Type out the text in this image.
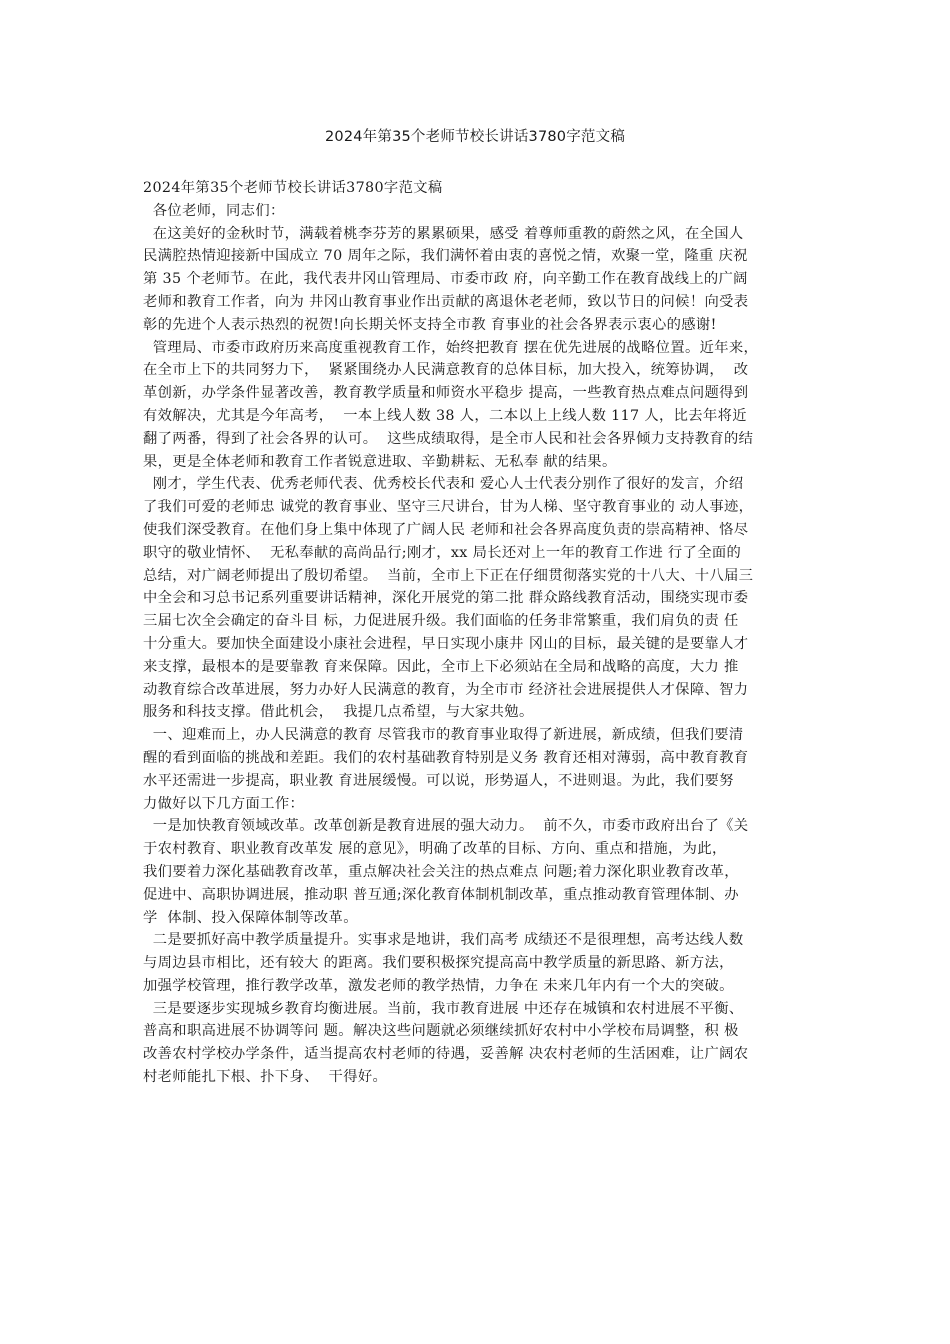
2024年第35个老师节校长讲话3780字范文稿
2024年第35个老师节校长讲话3780字范文稿
各位老师，同志们：
在这美好的金秋时节，满载着桃李芬芳的累累硕果，感受 着尊师重教的蔚然之风，在全国人
民满腔热情迎接新中国成立 70 周年之际，我们满怀着由衷的喜悦之情，欢聚一堂，隆重 庆祝
第 35 个老师节。在此，我代表井冈山管理局、市委市政 府，向辛勤工作在教育战线上的广阔
老师和教育工作者，向为 井冈山教育事业作出贡献的离退休老老师，致以节日的问候！向受表
彰的先进个人表示热烈的祝贺!向长期关怀支持全市教 育事业的社会各界表示衷心的感谢!
管理局、市委市政府历来高度重视教育工作，始终把教育 摆在优先进展的战略位置。近年来，
在全市上下的共同努力下，  紧紧围绕办人民满意教育的总体目标，加大投入，统筹协调，  改
革创新，办学条件显著改善，教育教学质量和师资水平稳步 提高，一些教育热点难点问题得到
有效解决，尤其是今年高考，  一本上线人数 38 人，二本以上上线人数 117 人，比去年将近
翻了两番，得到了社会各界的认可。  这些成绩取得，是全市人民和社会各界倾力支持教育的结
果，更是全体老师和教育工作者锐意进取、辛勤耕耘、无私奉 献的结果。
刚才，学生代表、优秀老师代表、优秀校长代表和 爱心人士代表分别作了很好的发言，介绍
了我们可爱的老师忠 诚党的教育事业、坚守三尺讲台，甘为人梯、坚守教育事业的 动人事迹，
使我们深受教育。在他们身上集中体现了广阔人民 老师和社会各界高度负责的崇高精神、恪尽
职守的敬业情怀、  无私奉献的高尚品行;刚才，xx 局长还对上一年的教育工作进 行了全面的
总结，对广阔老师提出了殷切希望。  当前，全市上下正在仔细贯彻落实党的十八大、十八届三
中全会和习总书记系列重要讲话精神，深化开展党的第二批 群众路线教育活动，围绕实现市委
三届七次全会确定的奋斗目 标，力促进展升级。我们面临的任务非常繁重，我们肩负的责 任
十分重大。要加快全面建设小康社会进程，早日实现小康井 冈山的目标，最关键的是要靠人才
来支撑，最根本的是要靠教 育来保障。因此，全市上下必须站在全局和战略的高度，大力 推
动教育综合改革进展，努力办好人民满意的教育，为全市市 经济社会进展提供人才保障、智力
服务和科技支撑。借此机会，  我提几点希望，与大家共勉。
一、迎难而上，办人民满意的教育 尽管我市的教育事业取得了新进展，新成绩，但我们要清
醒的看到面临的挑战和差距。我们的农村基础教育特别是义务 教育还相对薄弱，高中教育教育
水平还需进一步提高，职业教 育进展缓慢。可以说，形势逼人，不进则退。为此，我们要努
力做好以下几方面工作：
一是加快教育领域改革。改革创新是教育进展的强大动力。  前不久，市委市政府出台了《关
于农村教育、职业教育改革发 展的意见》，明确了改革的目标、方向、重点和措施，为此，
我们要着力深化基础教育改革，重点解决社会关注的热点难点 问题;着力深化职业教育改革，
促进中、高职协调进展，推动职 普互通;深化教育体制机制改革，重点推动教育管理体制、办
学  体制、投入保障体制等改革。
二是要抓好高中教学质量提升。实事求是地讲，我们高考 成绩还不是很理想，高考达线人数
与周边县市相比，还有较大 的距离。我们要积极探究提高高中教学质量的新思路、新方法，
加强学校管理，推行教学改革，激发老师的教学热情，力争在 未来几年内有一个大的突破。
三是要逐步实现城乡教育均衡进展。当前，我市教育进展 中还存在城镇和农村进展不平衡、
普高和职高进展不协调等问 题。解决这些问题就必须继续抓好农村中小学校布局调整，积 极
改善农村学校办学条件，适当提高农村老师的待遇，妥善解 决农村老师的生活困难，让广阔农
村老师能扎下根、扑下身、  干得好。
